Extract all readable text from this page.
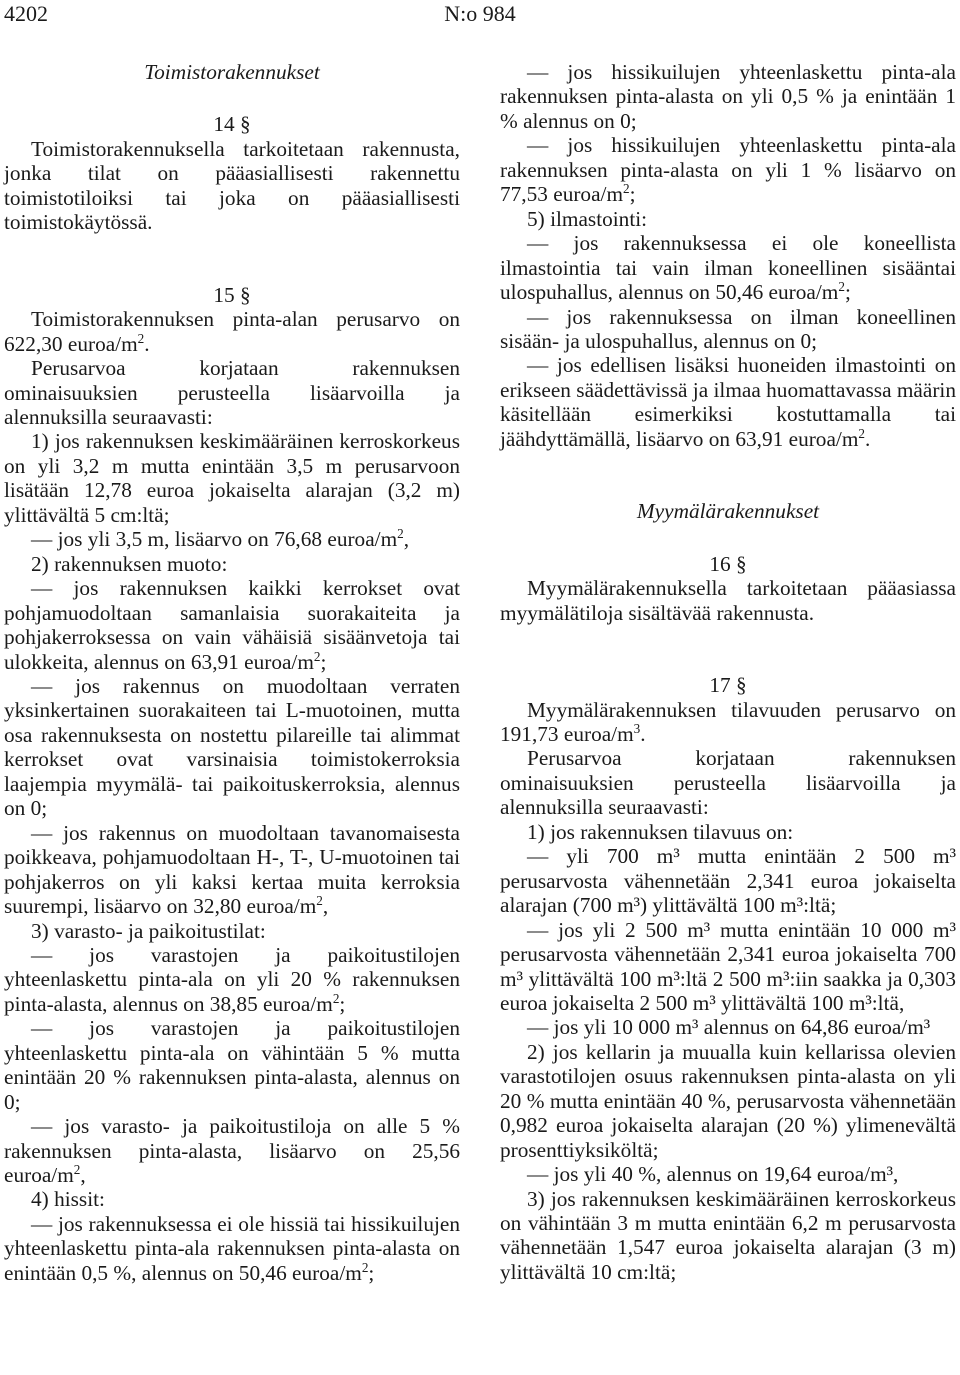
4202	N:o 984

Toimistorakennukset

14 §

Toimistorakennuksella tarkoitetaan rakennusta, jonka tilat on pääasiallisesti rakennettu toimistotiloiksi tai joka on pääasiallisesti toimistokäytössä.

15 §

Toimistorakennuksen pinta-alan perusarvo on 622,30 euroa/$m^2$.

Perusarvoa korjataan rakennuksen ominaisuuksien perusteella lisäarvoilla ja alennuksilla seuraavasti:

1) jos rakennuksen keskimääräinen kerroskorkeus on yli 3,2 m mutta enintään 3,5 m perusarvoon lisätään 12,78 euroa jokaiselta alarajan (3,2 m) ylittävältä 5 cm:ltä;

— jos yli 3,5 m, lisäarvo on 76,68 euroa/$m^2$,

2) rakennuksen muoto:

— jos rakennuksen kaikki kerrokset ovat pohjamuodoltaan samanlaisia suorakaiteita ja pohjakerroksessa on vain vähäisiä sisäänvetoja tai ulokkeita, alennus on 63,91 euroa/$m^2$;

— jos rakennus on muodoltaan verraten yksinkertainen suorakaiteen tai L-muotoinen, mutta osa rakennuksesta on nostettu pilareille tai alimmat kerrokset ovat varsinaisia toimistokerroksia laajempia myymälä- tai paikoituskerroksia, alennus on 0;

— jos rakennus on muodoltaan tavanomaisesta poikkeava, pohjamuodoltaan H-, T-, U-muotoinen tai pohjakerros on yli kaksi kertaa muita kerroksia suurempi, lisäarvo on 32,80 euroa/$m^2$,

3) varasto- ja paikoitustilat:

— jos varastojen ja paikoitustilojen yhteenlaskettu pinta-ala on yli 20 % rakennuksen pinta-alasta, alennus on 38,85 euroa/$m^2$;

— jos varastojen ja paikoitustilojen yhteenlaskettu pinta-ala on vähintään 5 % mutta enintään 20 % rakennuksen pinta-alasta, alennus on 0;

— jos varasto- ja paikoitustiloja on alle 5 % rakennuksen pinta-alasta, lisäarvo on 25,56 euroa/$m^2$,

4) hissit:

— jos rakennuksessa ei ole hissiä tai hissikuilujen yhteenlaskettu pinta-ala rakennuksen pinta-alasta on enintään 0,5 %, alennus on 50,46 euroa/$m^2$;

— jos hissikuilujen yhteenlaskettu pinta-ala rakennuksen pinta-alasta on yli 0,5 % ja enintään 1 % alennus on 0;

— jos hissikuilujen yhteenlaskettu pinta-ala rakennuksen pinta-alasta on yli 1 % lisäarvo on 77,53 euroa/$m^2$;

5) ilmastointi:

— jos rakennuksessa ei ole koneellista ilmastointia tai vain ilman koneellinen sisääntai ulospuhallus, alennus on 50,46 euroa/$m^2$;

— jos rakennuksessa on ilman koneellinen sisään- ja ulospuhallus, alennus on 0;

— jos edellisen lisäksi huoneiden ilmastointi on erikseen säädettävissä ja ilmaa huomattavassa määrin käsitellään esimerkiksi kostuttamalla tai jäähdyttämällä, lisäarvo on 63,91 euroa/$m^2$.

Myymälärakennukset

16 §

Myymälärakennuksella tarkoitetaan pääasiassa myymälätiloja sisältävää rakennusta.

17 §

Myymälärakennuksen tilavuuden perusarvo on 191,73 euroa/$m^3$.

Perusarvoa korjataan rakennuksen ominaisuuksien perusteella lisäarvoilla ja alennuksilla seuraavasti:

1) jos rakennuksen tilavuus on:

— yli 700 m³ mutta enintään 2 500 m³ perusarvosta vähennetään 2,341 euroa jokaiselta alarajan (700 m³) ylittävältä 100 m³:ltä;

— jos yli 2 500 m³ mutta enintään 10 000 m³ perusarvosta vähennetään 2,341 euroa jokaiselta 700 m³ ylittävältä 100 m³:ltä 2 500 m³:iin saakka ja 0,303 euroa jokaiselta 2 500 m³ ylittävältä 100 m³:ltä,

— jos yli 10 000 m³ alennus on 64,86 euroa/m³

2) jos kellarin ja muualla kuin kellarissa olevien varastotilojen osuus rakennuksen pinta-alasta on yli 20 % mutta enintään 40 %, perusarvosta vähennetään 0,982 euroa jokaiselta alarajan (20 %) ylimenevältä prosenttiyksiköltä;

— jos yli 40 %, alennus on 19,64 euroa/m³,

3) jos rakennuksen keskimääräinen kerroskorkeus on vähintään 3 m mutta enintään 6,2 m perusarvosta vähennetään 1,547 euroa jokaiselta alarajan (3 m) ylittävältä 10 cm:ltä;
